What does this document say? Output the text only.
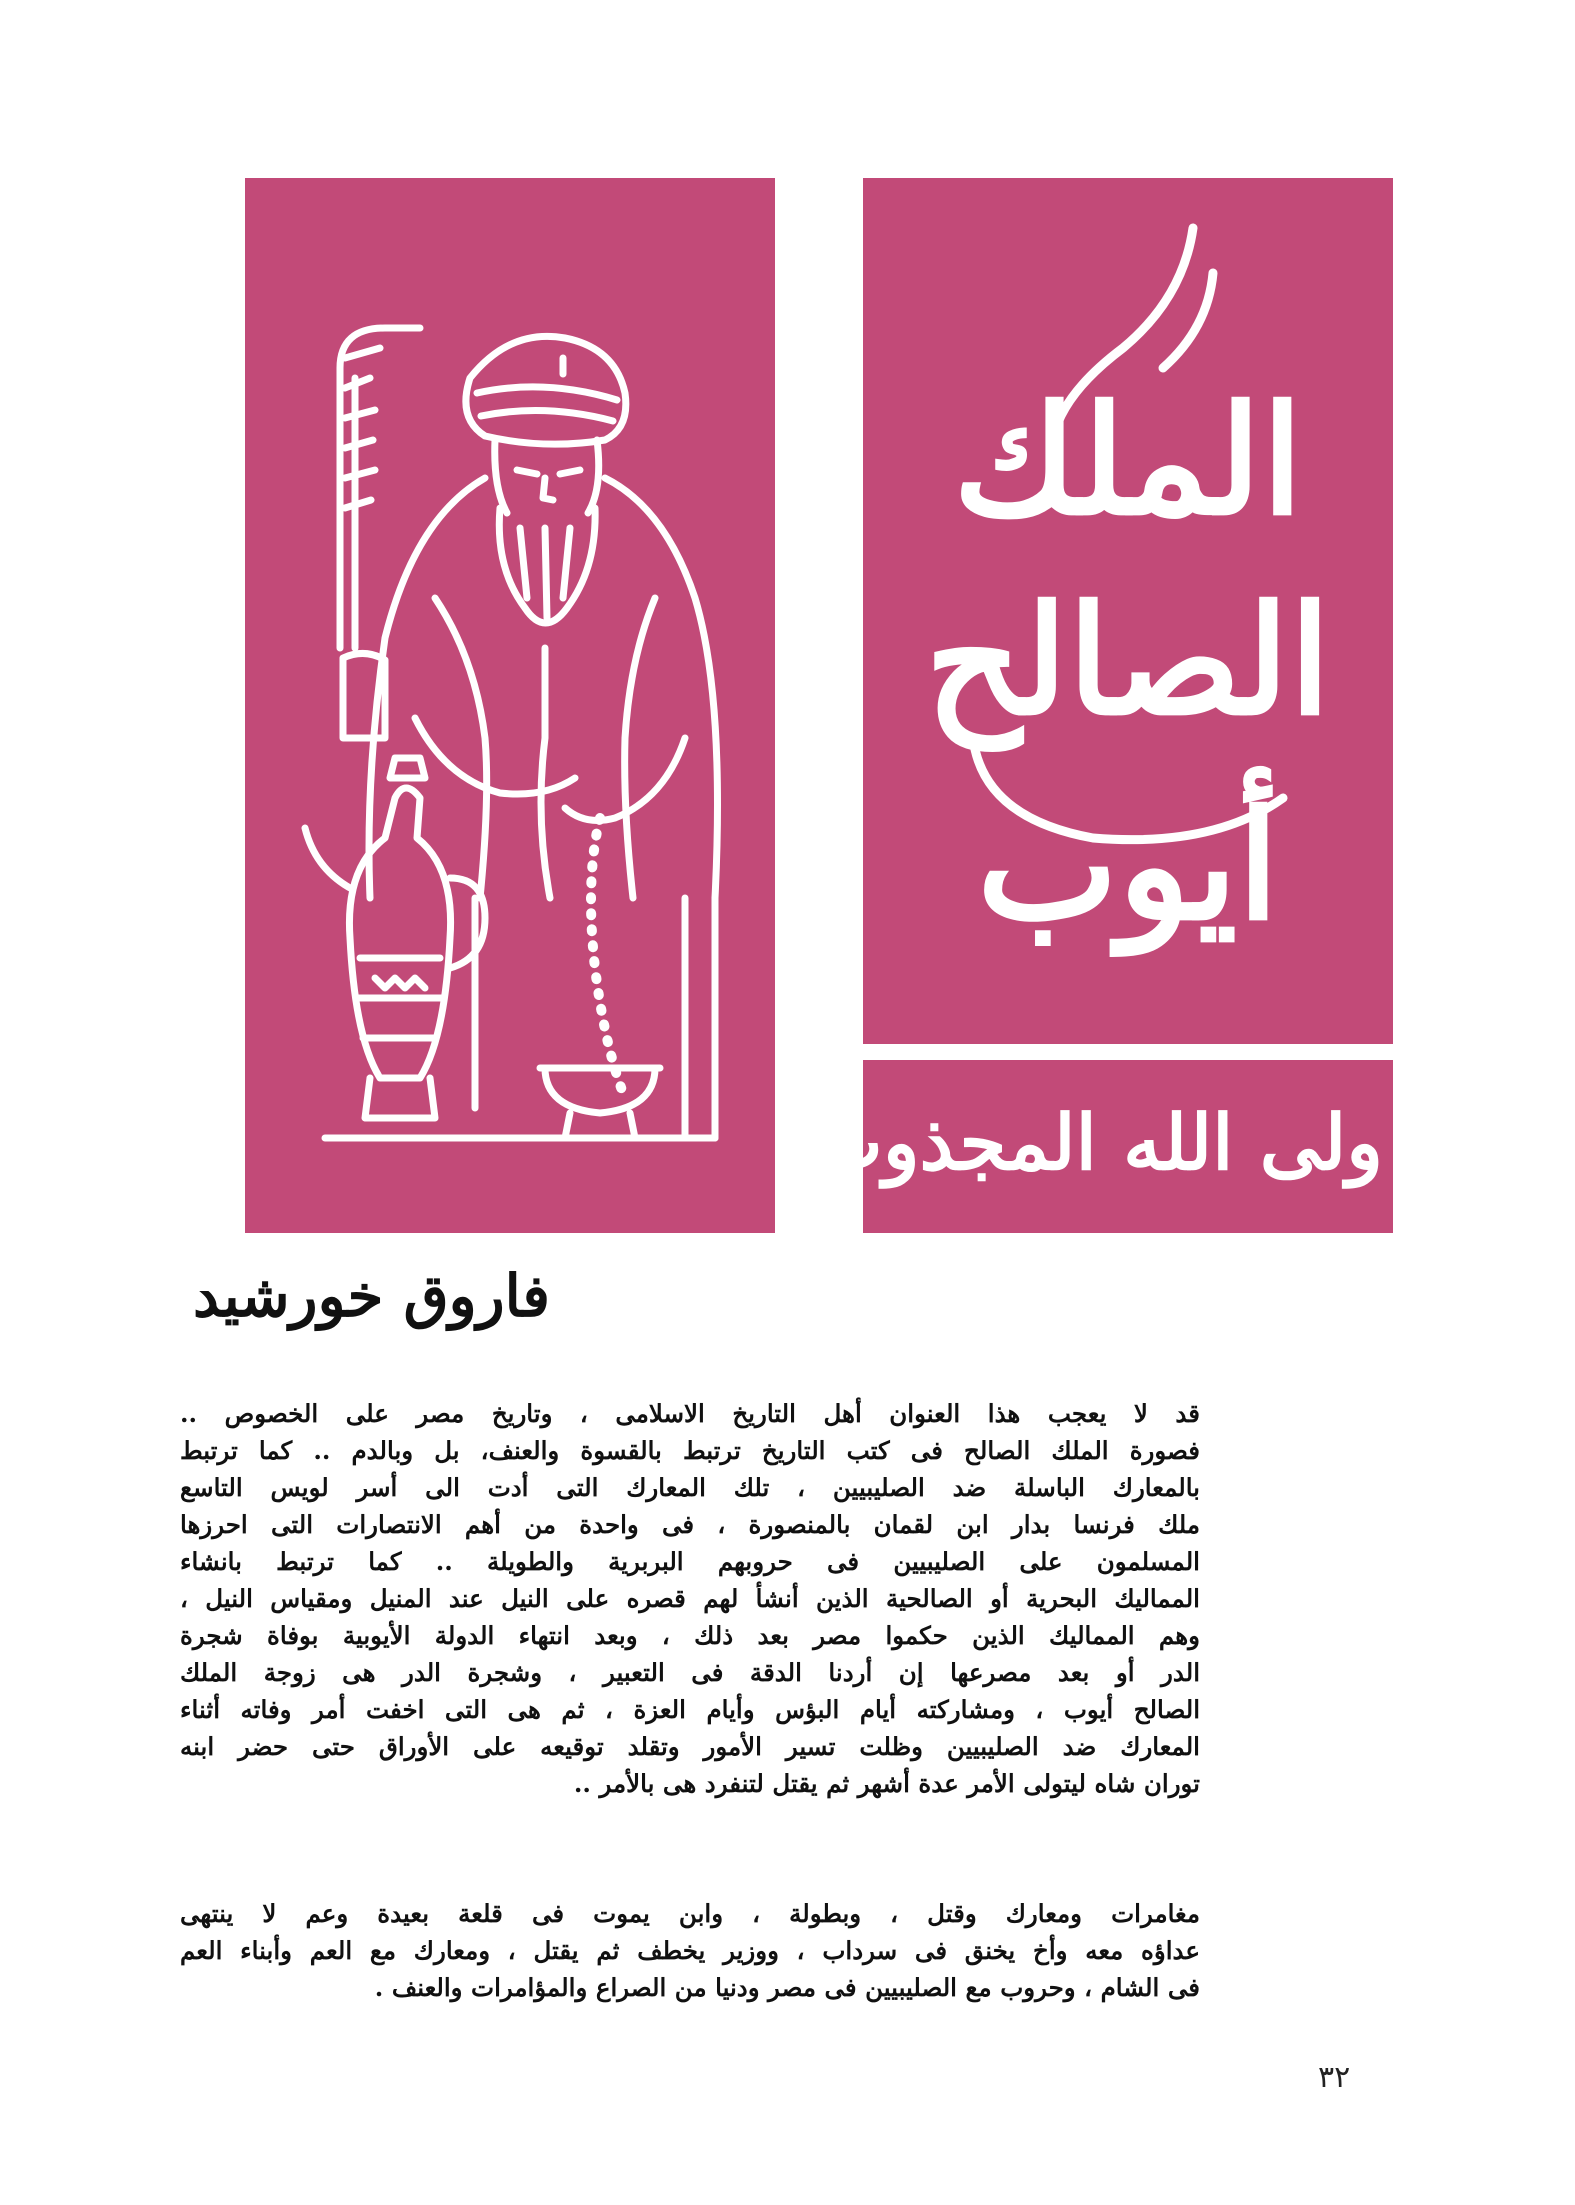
الملك
الصالح
أيوب
ولى الله المجذوب
فاروق خورشيد
قد لا يعجب هذا العنوان أهل التاريخ الاسلامى ، وتاريخ مصر على الخصوص ..
فصورة الملك الصالح فى كتب التاريخ ترتبط بالقسوة والعنف، بل وبالدم .. كما ترتبط
بالمعارك الباسلة ضد الصليبيين ، تلك المعارك التى أدت الى أسر لويس التاسع
ملك فرنسا بدار ابن لقمان بالمنصورة ، فى واحدة من أهم الانتصارات التى احرزها
المسلمون على الصليبيين فى حروبهم البربرية والطويلة .. كما ترتبط بانشاء
المماليك البحرية أو الصالحية الذين أنشأ لهم قصره على النيل عند المنيل ومقياس النيل ،
وهم المماليك الذين حكموا مصر بعد ذلك ، وبعد انتهاء الدولة الأيوبية بوفاة شجرة
الدر أو بعد مصرعها إن أردنا الدقة فى التعبير ، وشجرة الدر هى زوجة الملك
الصالح أيوب ، ومشاركته أيام البؤس وأيام العزة ، ثم هى التى اخفت أمر وفاته أثناء
المعارك ضد الصليبيين وظلت تسير الأمور وتقلد توقيعه على الأوراق حتى حضر ابنه
توران شاه ليتولى الأمر عدة أشهر ثم يقتل لتنفرد هى بالأمر ..
مغامرات ومعارك وقتل ، وبطولة ، وابن يموت فى قلعة بعيدة وعم لا ينتهى
عداؤه معه وأخ يخنق فى سرداب ، ووزير يخطف ثم يقتل ، ومعارك مع العم وأبناء العم
فى الشام ، وحروب مع الصليبيين فى مصر ودنيا من الصراع والمؤامرات والعنف .
٣٢
